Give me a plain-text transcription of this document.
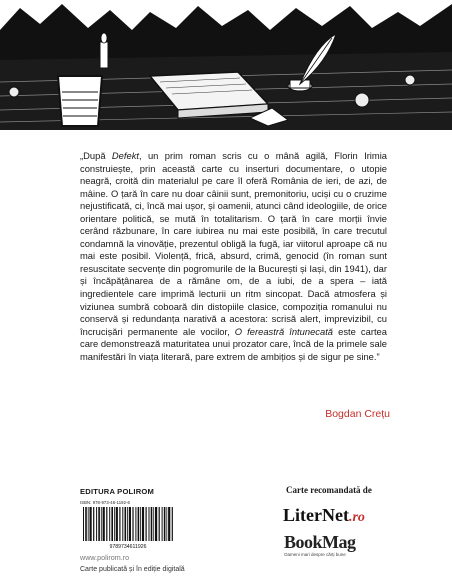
„După Defekt, un prim roman scris cu o mână agilă, Florin Irimia construiește, prin această carte cu inserturi documentare, o utopie neagră, croită din materialul pe care îl oferă România de ieri, de azi, de mâine. O țară în care nu doar câinii sunt, premonitoriu, uciși cu o cruzime nejustificată, ci, încă mai ușor, și oamenii, atunci când ideologiile, de orice orientare politică, se mută în totalitarism. O țară în care morții învie cerând răzbunare, în care iubirea nu mai este posibilă, în care trecutul condamnă la vinovăție, prezentul obligă la fugă, iar viitorul aproape că nu mai este posibil. Violență, frică, absurd, crimă, genocid (în roman sunt resuscitate secvențe din pogromurile de la București și Iași, din 1941), dar și încăpățânarea de a rămâne om, de a iubi, de a spera – iată ingredientele care imprimă lecturii un ritm sincopat. Dacă atmosfera și viziunea sumbră coboară din distopiile clasice, compoziția romanului nu conservă și redundanța narativă a acestora: scrisă alert, imprevizibil, cu încrucișări permanente ale vocilor, O fereastră întunecată este cartea care demonstrează maturitatea unui prozator care, încă de la primele sale manifestări în viața literară, pare extrem de ambițios și de sigur pe sine.”

Bogdan Crețu
EDITURA POLIROM
ISBN: 978-973-46-1192-6
9789734611926
www.polirom.ro
Carte publicată și în ediție digitală
Carte recomandată de
LiterNet.ro
BookMag
Oameni mari despre cărți bune
